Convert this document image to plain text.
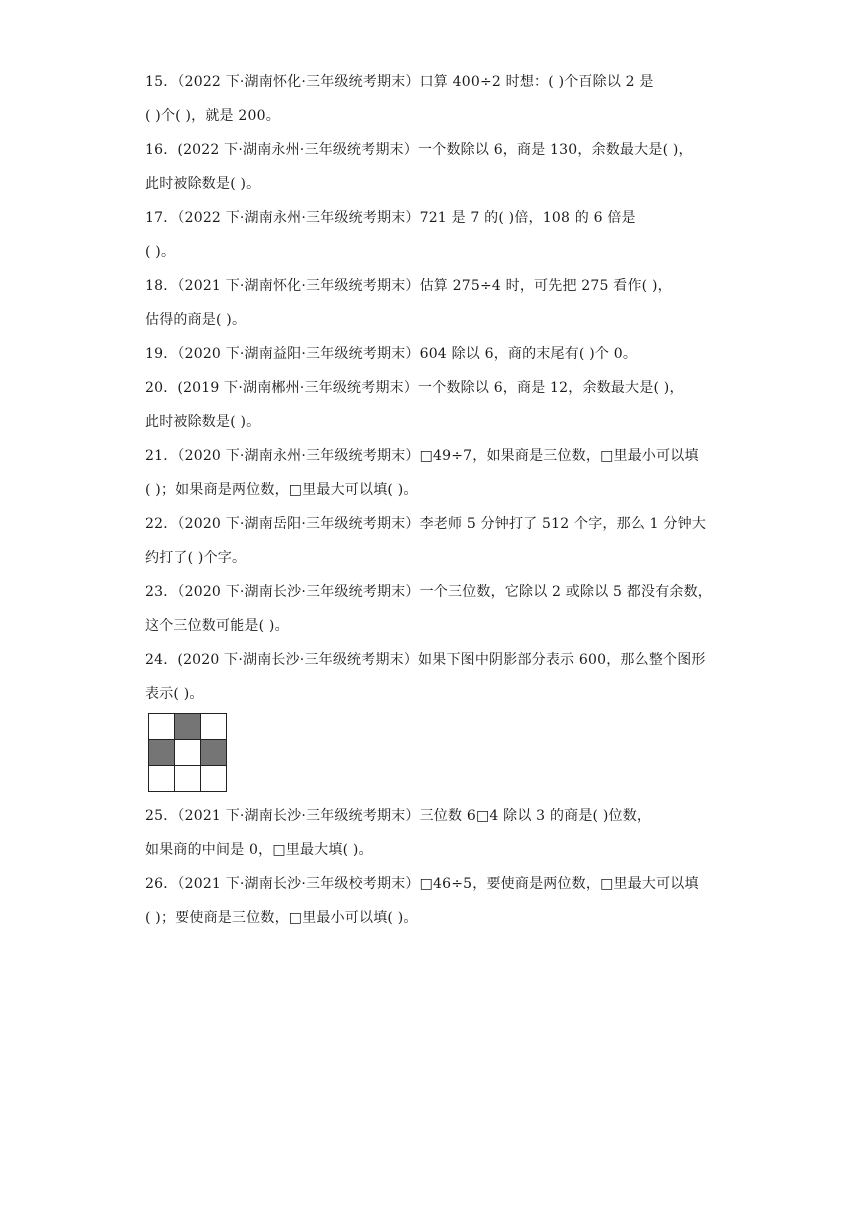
15．（2022 下·湖南怀化·三年级统考期末）口算 400÷2 时想：( )个百除以 2 是
( )个( )，就是 200。
16．(2022 下·湖南永州·三年级统考期末）一个数除以 6，商是 130，余数最大是( )，
此时被除数是( )。
17．（2022 下·湖南永州·三年级统考期末）721 是 7 的( )倍，108 的 6 倍是
( )。
18．（2021 下·湖南怀化·三年级统考期末）估算 275÷4 时，可先把 275 看作( )，
估得的商是( )。
19．（2020 下·湖南益阳·三年级统考期末）604 除以 6，商的末尾有( )个 0。
20．(2019 下·湖南郴州·三年级统考期末）一个数除以 6，商是 12，余数最大是( )，
此时被除数是( )。
21．（2020 下·湖南永州·三年级统考期末）□49÷7，如果商是三位数，□里最小可以填
( )；如果商是两位数，□里最大可以填( )。
22．（2020 下·湖南岳阳·三年级统考期末）李老师 5 分钟打了 512 个字，那么 1 分钟大
约打了( )个字。
23．（2020 下·湖南长沙·三年级统考期末）一个三位数，它除以 2 或除以 5 都没有余数，
这个三位数可能是( )。
24．(2020 下·湖南长沙·三年级统考期末）如果下图中阴影部分表示 600，那么整个图形
表示( )。

25．（2021 下·湖南长沙·三年级统考期末）三位数 6□4 除以 3 的商是( )位数，
如果商的中间是 0，□里最大填( )。
26．（2021 下·湖南长沙·三年级校考期末）□46÷5，要使商是两位数，□里最大可以填
( )；要使商是三位数，□里最小可以填( )。
